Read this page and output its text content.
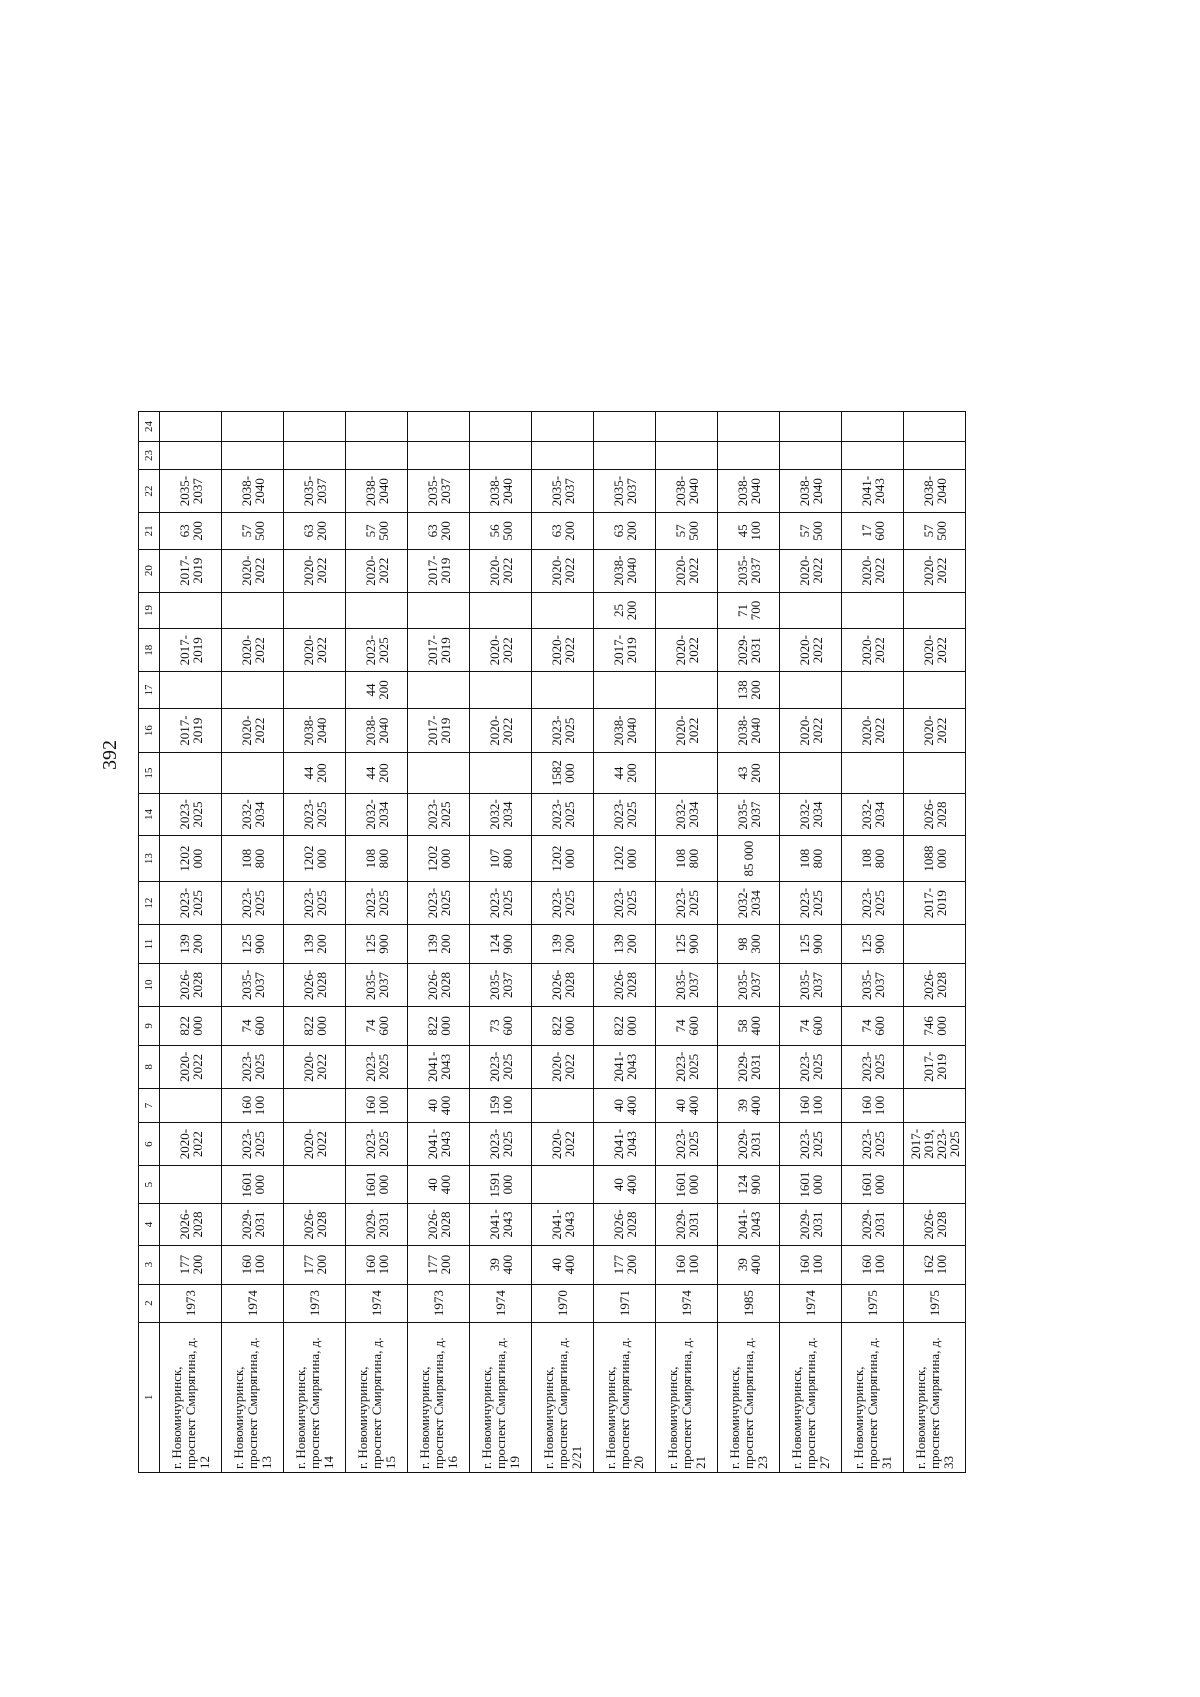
392
1	2	3	4	5	6	7	8	9	10	11	12	13	14	15	16	17	18	19	20	21	22	23	24
г. Новомичуринск, проспект Смирягина, д. 12	1973	177 200	2026-2028		2020-2022		2020-2022	822 000	2026-2028	139 200	2023-2025	1202 000	2023-2025		2017-2019		2017-2019		2017-2019	63 200	2035-2037		
г. Новомичуринск, проспект Смирягина, д. 13	1974	160 100	2029-2031	1601 000	2023-2025	160 100	2023-2025	74 600	2035-2037	125 900	2023-2025	108 800	2032-2034		2020-2022		2020-2022		2020-2022	57 500	2038-2040		
г. Новомичуринск, проспект Смирягина, д. 14	1973	177 200	2026-2028		2020-2022		2020-2022	822 000	2026-2028	139 200	2023-2025	1202 000	2023-2025	44 200	2038-2040		2020-2022		2020-2022	63 200	2035-2037		
г. Новомичуринск, проспект Смирягина, д. 15	1974	160 100	2029-2031	1601 000	2023-2025	160 100	2023-2025	74 600	2035-2037	125 900	2023-2025	108 800	2032-2034	44 200	2038-2040	44 200	2023-2025		2020-2022	57 500	2038-2040		
г. Новомичуринск, проспект Смирягина, д. 16	1973	177 200	2026-2028	40 400	2041-2043	40 400	2041-2043	822 000	2026-2028	139 200	2023-2025	1202 000	2023-2025		2017-2019		2017-2019		2017-2019	63 200	2035-2037		
г. Новомичуринск, проспект Смирягина, д. 19	1974	39 400	2041-2043	1591 000	2023-2025	159 100	2023-2025	73 600	2035-2037	124 900	2023-2025	107 800	2032-2034		2020-2022		2020-2022		2020-2022	56 500	2038-2040		
г. Новомичуринск, проспект Смирягина, д. 2/21	1970	40 400	2041-2043		2020-2022		2020-2022	822 000	2026-2028	139 200	2023-2025	1202 000	2023-2025	1582 000	2023-2025		2020-2022		2020-2022	63 200	2035-2037		
г. Новомичуринск, проспект Смирягина, д. 20	1971	177 200	2026-2028	40 400	2041-2043	40 400	2041-2043	822 000	2026-2028	139 200	2023-2025	1202 000	2023-2025	44 200	2038-2040		2017-2019	25 200	2038-2040	63 200	2035-2037		
г. Новомичуринск, проспект Смирягина, д. 21	1974	160 100	2029-2031	1601 000	2023-2025	40 400	2023-2025	74 600	2035-2037	125 900	2023-2025	108 800	2032-2034		2020-2022		2020-2022		2020-2022	57 500	2038-2040		
г. Новомичуринск, проспект Смирягина, д. 23	1985	39 400	2041-2043	124 900	2029-2031	39 400	2029-2031	58 400	2035-2037	98 300	2032-2034	85 000	2035-2037	43 200	2038-2040	138 200	2029-2031	71 700	2035-2037	45 100	2038-2040		
г. Новомичуринск, проспект Смирягина, д. 27	1974	160 100	2029-2031	1601 000	2023-2025	160 100	2023-2025	74 600	2035-2037	125 900	2023-2025	108 800	2032-2034		2020-2022		2020-2022		2020-2022	57 500	2038-2040		
г. Новомичуринск, проспект Смирягина, д. 31	1975	160 100	2029-2031	1601 000	2023-2025	160 100	2023-2025	74 600	2035-2037	125 900	2023-2025	108 800	2032-2034		2020-2022		2020-2022		2020-2022	17 600	2041-2043		
г. Новомичуринск, проспект Смирягина, д. 33	1975	162 100	2026-2028		2017-2019, 2023-2025		2017-2019	746 000	2026-2028		2017-2019	1088 000	2026-2028		2020-2022		2020-2022		2020-2022	57 500	2038-2040		
